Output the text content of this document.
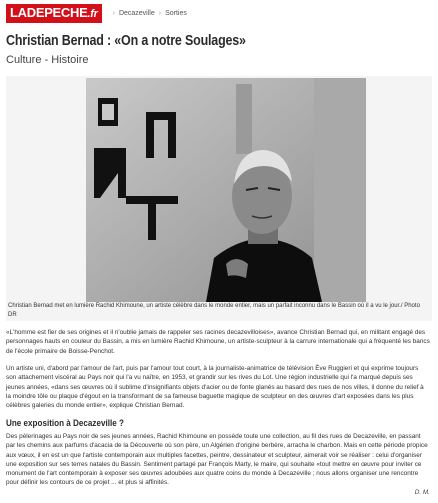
LADEPECHE.fr	› Decazeville › Sorties
Christian Bernad : «On a notre Soulages»

Culture - Histoire

Christian Bernad met en lumière Rachid Khimoune, un artiste célèbre dans le monde entier, mais un parfait inconnu dans le Bassin où il a vu le jour./ Photo DR

«L'homme est fier de ses origines et il n'oublie jamais de rappeler ses racines decazevilloises», avance Christian Bernad qui, en militant engagé des personnages hauts en couleur du Bassin, a mis en lumière Rachid Khimoune, un artiste-sculpteur à la carrure internationale qui a fréquenté les bancs de l'école primaire de Boisse-Penchot.

Un artiste uni, d'abord par l'amour de l'art, puis par l'amour tout court, à la journaliste-animatrice de télévision Ève Ruggieri et qui exprime toujours son attachement viscéral au Pays noir qui l'a vu naître, en 1953, et grandir sur les rives du Lot. Une région industrielle qui l'a marqué depuis ses jeunes années, «dans ses œuvres où il sublime d'insignifiants objets d'acier ou de fonte glanés au hasard des rues de nos villes, il donne du relief à la moindre tôle ou plaque d'égout en la transformant de sa fameuse baguette magique de sculpteur en des œuvres d'art exposées dans les plus célèbres galeries du monde entier», explique Christian Bernad.

Une exposition à Decazeville ?

Des pèlerinages au Pays noir de ses jeunes années, Rachid Khimoune en possède toute une collection, au fil des rues de Decazeville, en passant par les chemins aux parfums d'acacia de la Découverte où son père, un Algérien d'origine berbère, arracha le charbon. Mais en cette période propice aux vœux, il en est un que l'artiste contemporain aux multiples facettes, peintre, dessinateur et sculpteur, aimerait voir se réaliser : celui d'organiser une exposition sur ses terres natales du Bassin. Sentiment partagé par François Marty, le maire, qui souhaite «tout mettre en œuvre pour inviter ce monument de l'art contemporain à exposer ses œuvres adoubées aux quatre coins du monde à Decazeville ; nous allons organiser une rencontre pour définir les contours de ce projet ... et plus si affinités.

D. M.
